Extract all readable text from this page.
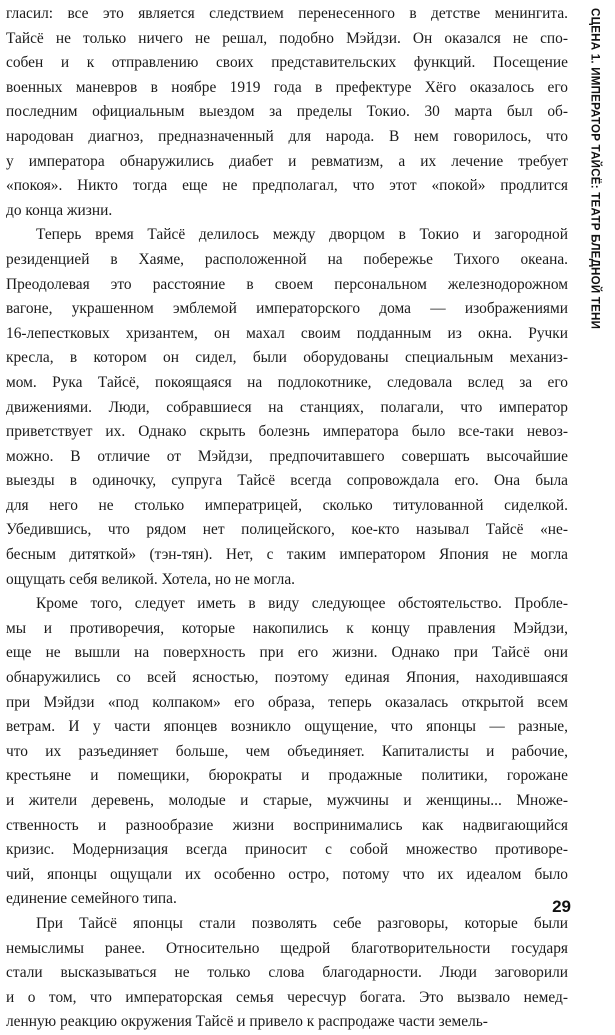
СЦЕНА 1. ИМПЕРАТОР ТАЙСЁ: ТЕАТР БЛЕДНОЙ ТЕНИ
гласил: все это является следствием перенесенного в детстве менингита.
Тайсё не только ничего не решал, подобно Мэйдзи. Он оказался не спо-
собен и к отправлению своих представительских функций. Посещение
военных маневров в ноябре 1919 года в префектуре Хёго оказалось его
последним официальным выездом за пределы Токио. 30 марта был об-
народован диагноз, предназначенный для народа. В нем говорилось, что
у императора обнаружились диабет и ревматизм, а их лечение требует
«покоя». Никто тогда еще не предполагал, что этот «покой» продлится
до конца жизни.
Теперь время Тайсё делилось между дворцом в Токио и загородной
резиденцией в Хаяме, расположенной на побережье Тихого океана.
Преодолевая это расстояние в своем персональном железнодорожном
вагоне, украшенном эмблемой императорского дома — изображениями
16-лепестковых хризантем, он махал своим подданным из окна. Ручки
кресла, в котором он сидел, были оборудованы специальным механиз-
мом. Рука Тайсё, покоящаяся на подлокотнике, следовала вслед за его
движениями. Люди, собравшиеся на станциях, полагали, что император
приветствует их. Однако скрыть болезнь императора было все-таки невоз-
можно. В отличие от Мэйдзи, предпочитавшего совершать высочайшие
выезды в одиночку, супруга Тайсё всегда сопровождала его. Она была
для него не столько императрицей, сколько титулованной сиделкой.
Убедившись, что рядом нет полицейского, кое-кто называл Тайсё «не-
бесным дитяткой» (тэн-тян). Нет, с таким императором Япония не могла
ощущать себя великой. Хотела, но не могла.
Кроме того, следует иметь в виду следующее обстоятельство. Пробле-
мы и противоречия, которые накопились к концу правления Мэйдзи,
еще не вышли на поверхность при его жизни. Однако при Тайсё они
обнаружились со всей ясностью, поэтому единая Япония, находившаяся
при Мэйдзи «под колпаком» его образа, теперь оказалась открытой всем
ветрам. И у части японцев возникло ощущение, что японцы — разные,
что их разъединяет больше, чем объединяет. Капиталисты и рабочие,
крестьяне и помещики, бюрократы и продажные политики, горожане
и жители деревень, молодые и старые, мужчины и женщины... Множе-
ственность и разнообразие жизни воспринимались как надвигающийся
кризис. Модернизация всегда приносит с собой множество противоре-
чий, японцы ощущали их особенно остро, потому что их идеалом было
единение семейного типа.
При Тайсё японцы стали позволять себе разговоры, которые были
немыслимы ранее. Относительно щедрой благотворительности государя
стали высказываться не только слова благодарности. Люди заговорили
и о том, что императорская семья чересчур богата. Это вызвало немед-
ленную реакцию окружения Тайсё и привело к распродаже части земель-
29
